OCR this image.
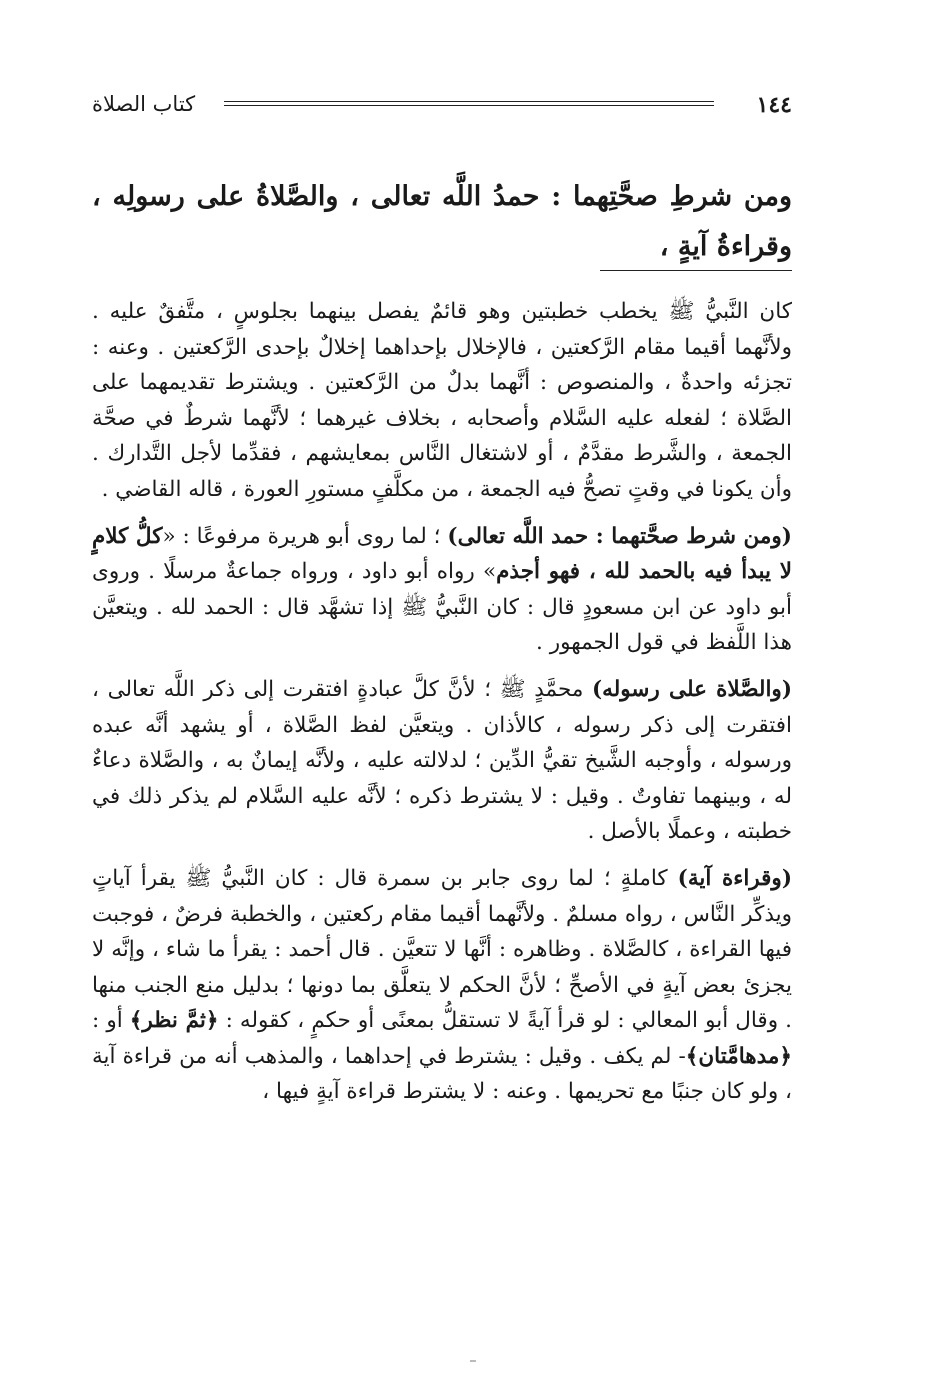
١٤٤
كتاب الصلاة
ومن شرطِ صحَّتِهما : حمدُ اللَّه تعالى ، والصَّلاةُ على رسولِه ، وقراءةُ آيةٍ ،

كان النَّبيُّ ﷺ يخطب خطبتين وهو قائمٌ يفصل بينهما بجلوسٍ ، متَّفقٌ عليه . ولأنَّهما أقيما مقام الرَّكعتين ، فالإخلال بإحداهما إخلالٌ بإحدى الرَّكعتين . وعنه : تجزئه واحدةٌ ، والمنصوص : أنَّهما بدلٌ من الرَّكعتين . ويشترط تقديمهما على الصَّلاة ؛ لفعله عليه السَّلام وأصحابه ، بخلاف غيرهما ؛ لأنَّهما شرطٌ في صحَّة الجمعة ، والشَّرط مقدَّمٌ ، أو لاشتغال النَّاس بمعايشهم ، فقدِّما لأجل التَّدارك . وأن يكونا في وقتٍ تصحُّ فيه الجمعة ، من مكلَّفٍ مستورِ العورة ، قاله القاضي .

(ومن شرط صحَّتهما : حمد اللَّه تعالى) ؛ لما روى أبو هريرة مرفوعًا : «كلُّ كلامٍ لا يبدأ فيه بالحمد لله ، فهو أجذم» رواه أبو داود ، ورواه جماعةٌ مرسلًا . وروى أبو داود عن ابن مسعودٍ قال : كان النَّبيُّ ﷺ إذا تشهَّد قال : الحمد لله . ويتعيَّن هذا اللَّفظ في قول الجمهور .

(والصَّلاة على رسوله) محمَّدٍ ﷺ ؛ لأنَّ كلَّ عبادةٍ افتقرت إلى ذكر اللَّه تعالى ، افتقرت إلى ذكر رسوله ، كالأذان . ويتعيَّن لفظ الصَّلاة ، أو يشهد أنَّه عبده ورسوله ، وأوجبه الشَّيخ تقيُّ الدِّين ؛ لدلالته عليه ، ولأنَّه إيمانٌ به ، والصَّلاة دعاءٌ له ، وبينهما تفاوتٌ . وقيل : لا يشترط ذكره ؛ لأنَّه عليه السَّلام لم يذكر ذلك في خطبته ، وعملًا بالأصل .

(وقراءة آية) كاملةٍ ؛ لما روى جابر بن سمرة قال : كان النَّبيُّ ﷺ يقرأ آياتٍ ويذكِّر النَّاس ، رواه مسلمٌ . ولأنَّهما أقيما مقام ركعتين ، والخطبة فرضٌ ، فوجبت فيها القراءة ، كالصَّلاة . وظاهره : أنَّها لا تتعيَّن . قال أحمد : يقرأ ما شاء ، وإنَّه لا يجزئ بعض آيةٍ في الأصحِّ ؛ لأنَّ الحكم لا يتعلَّق بما دونها ؛ بدليل منع الجنب منها . وقال أبو المعالي : لو قرأ آيةً لا تستقلُّ بمعنًى أو حكمٍ ، كقوله : ﴿ثمَّ نظر﴾ أو : ﴿مدهامَّتان﴾- لم يكف . وقيل : يشترط في إحداهما ، والمذهب أنه من قراءة آية ، ولو كان جنبًا مع تحريمها . وعنه : لا يشترط قراءة آيةٍ فيها ،
